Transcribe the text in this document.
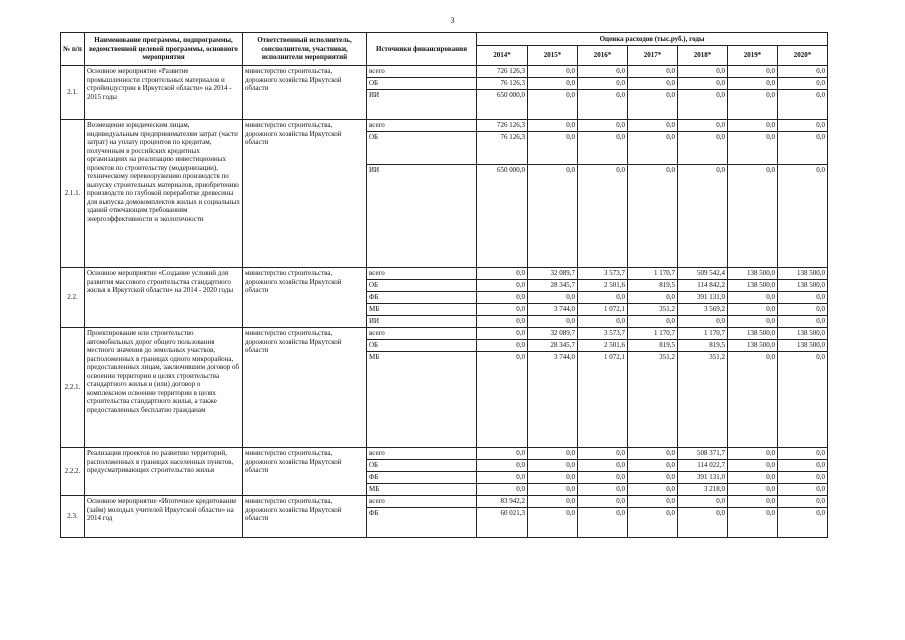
3
№ п/п	Наименование программы, подпрограммы, ведомственной целевой программы, основного мероприятия	Ответственный исполнитель, соисполнители, участники, исполнители мероприятий	Источники финансирования	Оценка расходов (тыс.руб.), годы						
				2014*	2015*	2016*	2017*	2018*	2019*	2020*
2.1.	Основное мероприятие «Развитие промышленности строительных материалов и стройиндустрии в Иркутской области» на 2014 - 2015 годы	министерство строительства, дорожного хозяйства Иркутской области	всего	726 126,3	0,0	0,0	0,0	0,0	0,0	0,0
			ОБ	76 126,3	0,0	0,0	0,0	0,0	0,0	0,0
			ИИ	650 000,0	0,0	0,0	0,0	0,0	0,0	0,0
2.1.1.	Возмещение юридическим лицам, индивидуальным предпринимателям затрат (части затрат) на уплату процентов по кредитам, полученным в российских кредитных организациях на реализацию инвестиционных проектов по строительству (модернизации), техническому перевооружению производств по выпуску строительных материалов, приобретению производств по глубокой переработке древесины для выпуска домокомплектов жилых и социальных зданий отвечающим требованиям энергоэффективности и экологичности	министерство строительства, дорожного хозяйства Иркутской области	всего	726 126,3	0,0	0,0	0,0	0,0	0,0	0,0
			ОБ	76 126,3	0,0	0,0	0,0	0,0	0,0	0,0
			ИИ	650 000,0	0,0	0,0	0,0	0,0	0,0	0,0
2.2.	Основное мероприятие «Создание условий для развития массового строительства стандартного жилья в Иркутской области» на 2014 - 2020 годы	министерство строительства, дорожного хозяйства Иркутской области	всего	0,0	32 089,7	3 573,7	1 170,7	509 542,4	138 500,0	138 500,0
			ОБ	0,0	28 345,7	2 501,6	819,5	114 842,2	138 500,0	138 500,0
			ФБ	0,0	0,0	0,0	0,0	391 131,0	0,0	0,0
			МБ	0,0	3 744,0	1 072,1	351,2	3 569,2	0,0	0,0
			ИИ	0,0	0,0	0,0	0,0	0,0	0,0	0,0
2.2.1.	Проектирование или строительство автомобильных дорог общего пользования местного значения до земельных участков, расположенных в границах одного микрорайона, предоставленных лицам, заключившим договор об освоении территории в целях строительства стандартного жилья и (или) договор о комплексном освоении территории в целях строительства стандартного жилья, а также предоставленных бесплатно гражданам	министерство строительства, дорожного хозяйства Иркутской области	всего	0,0	32 089,7	3 573,7	1 170,7	1 170,7	138 500,0	138 500,0
			ОБ	0,0	28 345,7	2 501,6	819,5	819,5	138 500,0	138 500,0
			МБ	0,0	3 744,0	1 072,1	351,2	351,2	0,0	0,0
2.2.2.	Реализация проектов по развитию территорий, расположенных в границах населенных пунктов, предусматривающих строительство жилья	министерство строительства, дорожного хозяйства Иркутской области	всего	0,0	0,0	0,0	0,0	508 371,7	0,0	0,0
			ОБ	0,0	0,0	0,0	0,0	114 022,7	0,0	0,0
			ФБ	0,0	0,0	0,0	0,0	391 131,0	0,0	0,0
			МБ	0,0	0,0	0,0	0,0	3 218,0	0,0	0,0
2.3.	Основное мероприятие «Ипотечное кредитование (займ) молодых учителей Иркутской области» на 2014 год	министерство строительства, дорожного хозяйства Иркутской области	всего	83 942,2	0,0	0,0	0,0	0,0	0,0	0,0
			ФБ	60 021,3	0,0	0,0	0,0	0,0	0,0	0,0
